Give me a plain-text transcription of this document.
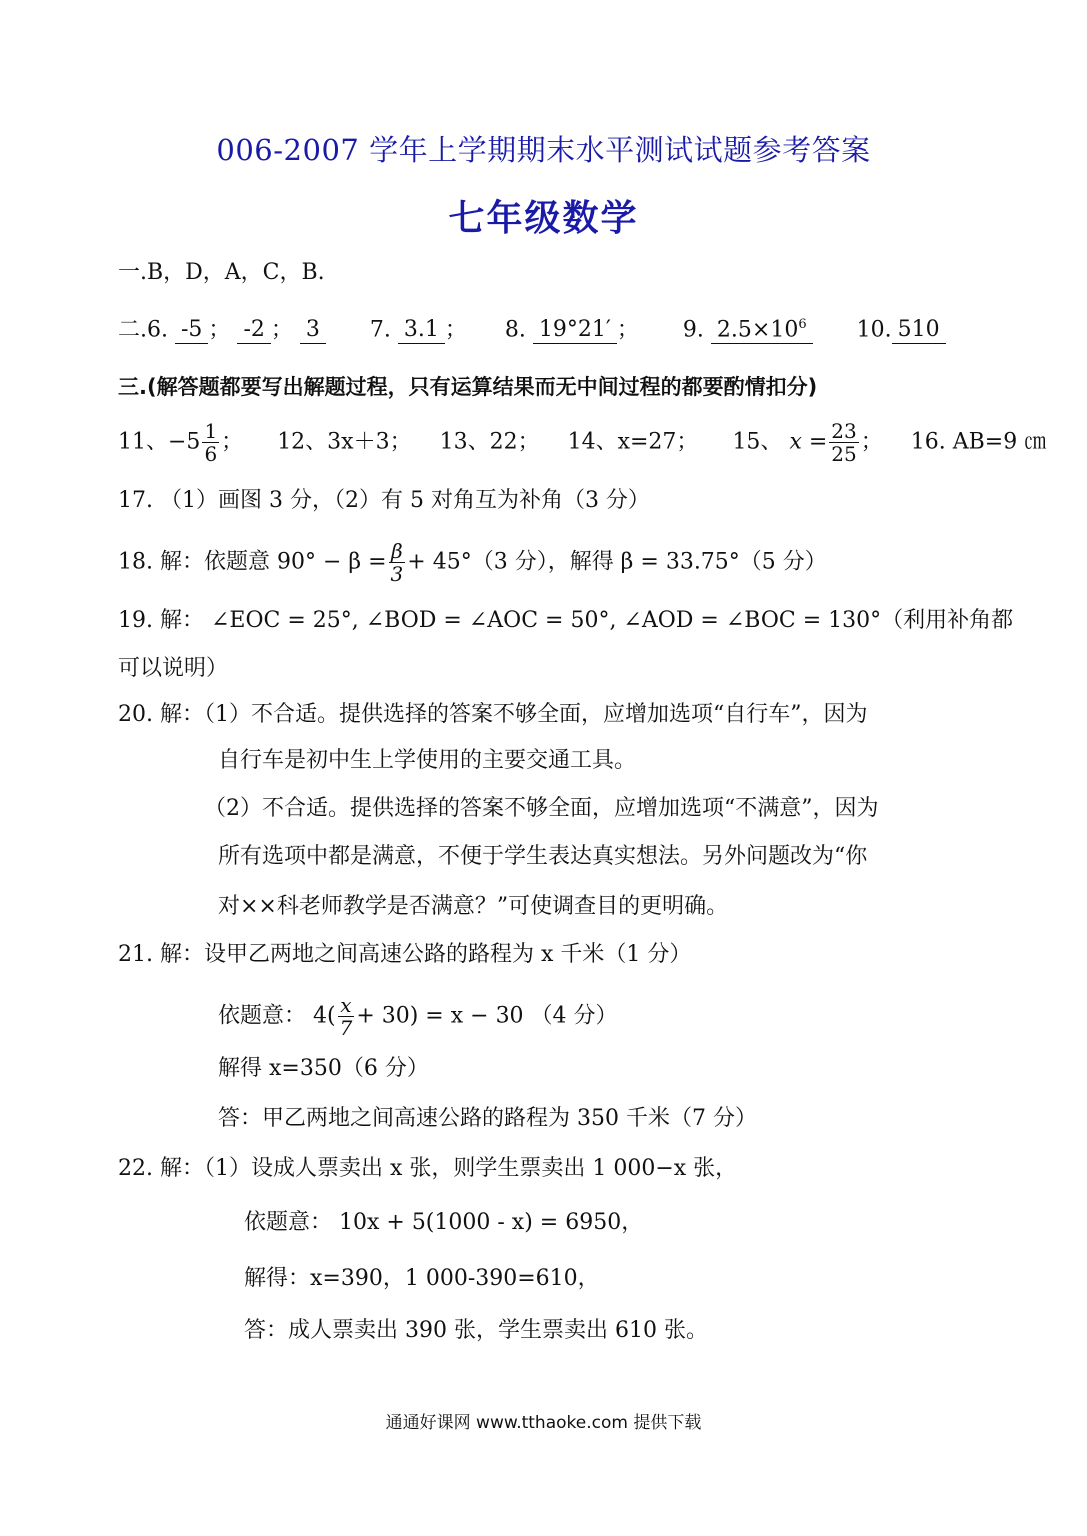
006-2007 学年上学期期末水平测试试题参考答案
七年级数学
一.B，D，A，C，B.
二.6. -5 ； -2 ； 3 7. 3.1 ； 8. 19°21′ ； 9. $2.5\times 10^6$ 10. 510
三.(解答题都要写出解题过程，只有运算结果而无中间过程的都要酌情扣分)
11、$-5 \frac{1}{6}$ ； 12、3x＋3； 13、22； 14、x=27； 15、 $x = \frac{23}{25}$ ； 16. AB=9 ㎝
17. （1）画图 3 分，（2）有 5 对角互为补角（3 分）
18. 解：依题意 $90^\circ - \beta = \frac{\beta}{3} + 45^\circ(3$ 分），解得 β = 33.75°（5 分）
19. 解： ∠EOC = 25°, ∠BOD = ∠AOC = 50°, ∠AOD = ∠BOC = 130°（利用补角都
可以说明）
20. 解：（1）不合适。提供选择的答案不够全面，应增加选项“自行车”，因为
自行车是初中生上学使用的主要交通工具。
（2）不合适。提供选择的答案不够全面，应增加选项“不满意”，因为
所有选项中都是满意，不便于学生表达真实想法。另外问题改为“你
对××科老师教学是否满意？”可使调查目的更明确。
21. 解：设甲乙两地之间高速公路的路程为 x 千米（1 分）
依题意： $4( \frac{x}{7} + 30) = x - 30$ （4 分）
解得 x=350（6 分）
答：甲乙两地之间高速公路的路程为 350 千米（7 分）
22. 解：（1）设成人票卖出 x 张，则学生票卖出 1 000−x 张，
依题意： 10x + 5(1000 - x) = 6950，
解得：x=390，1 000-390=610，
答：成人票卖出 390 张，学生票卖出 610 张。
通通好课网 www.tthaoke.com 提供下载
